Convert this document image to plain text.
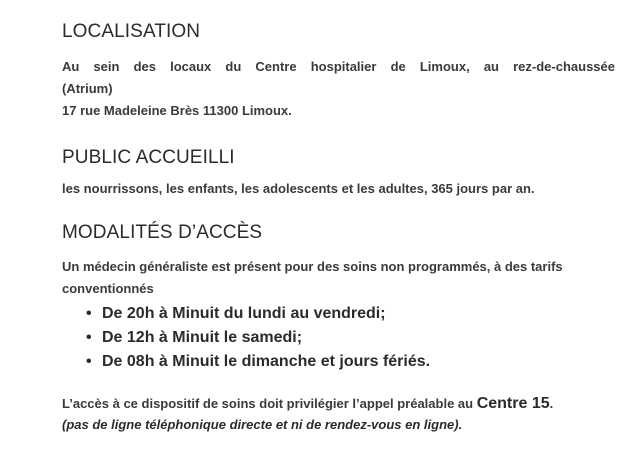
LOCALISATION

Au sein des locaux du Centre hospitalier de Limoux, au rez-de-chaussée
(Atrium)
17 rue Madeleine Brès 11300 Limoux.

PUBLIC ACCUEILLI

les nourrissons, les enfants, les adolescents et les adultes, 365 jours par an.

MODALITÉS D’ACCÈS

Un médecin généraliste est présent pour des soins non programmés, à des tarifs conventionnés

• De 20h à Minuit du lundi au vendredi;
• De 12h à Minuit le samedi;
• De 08h à Minuit le dimanche et jours fériés.

L’accès à ce dispositif de soins doit privilégier l’appel préalable au Centre 15.

(pas de ligne téléphonique directe et ni de rendez-vous en ligne).
